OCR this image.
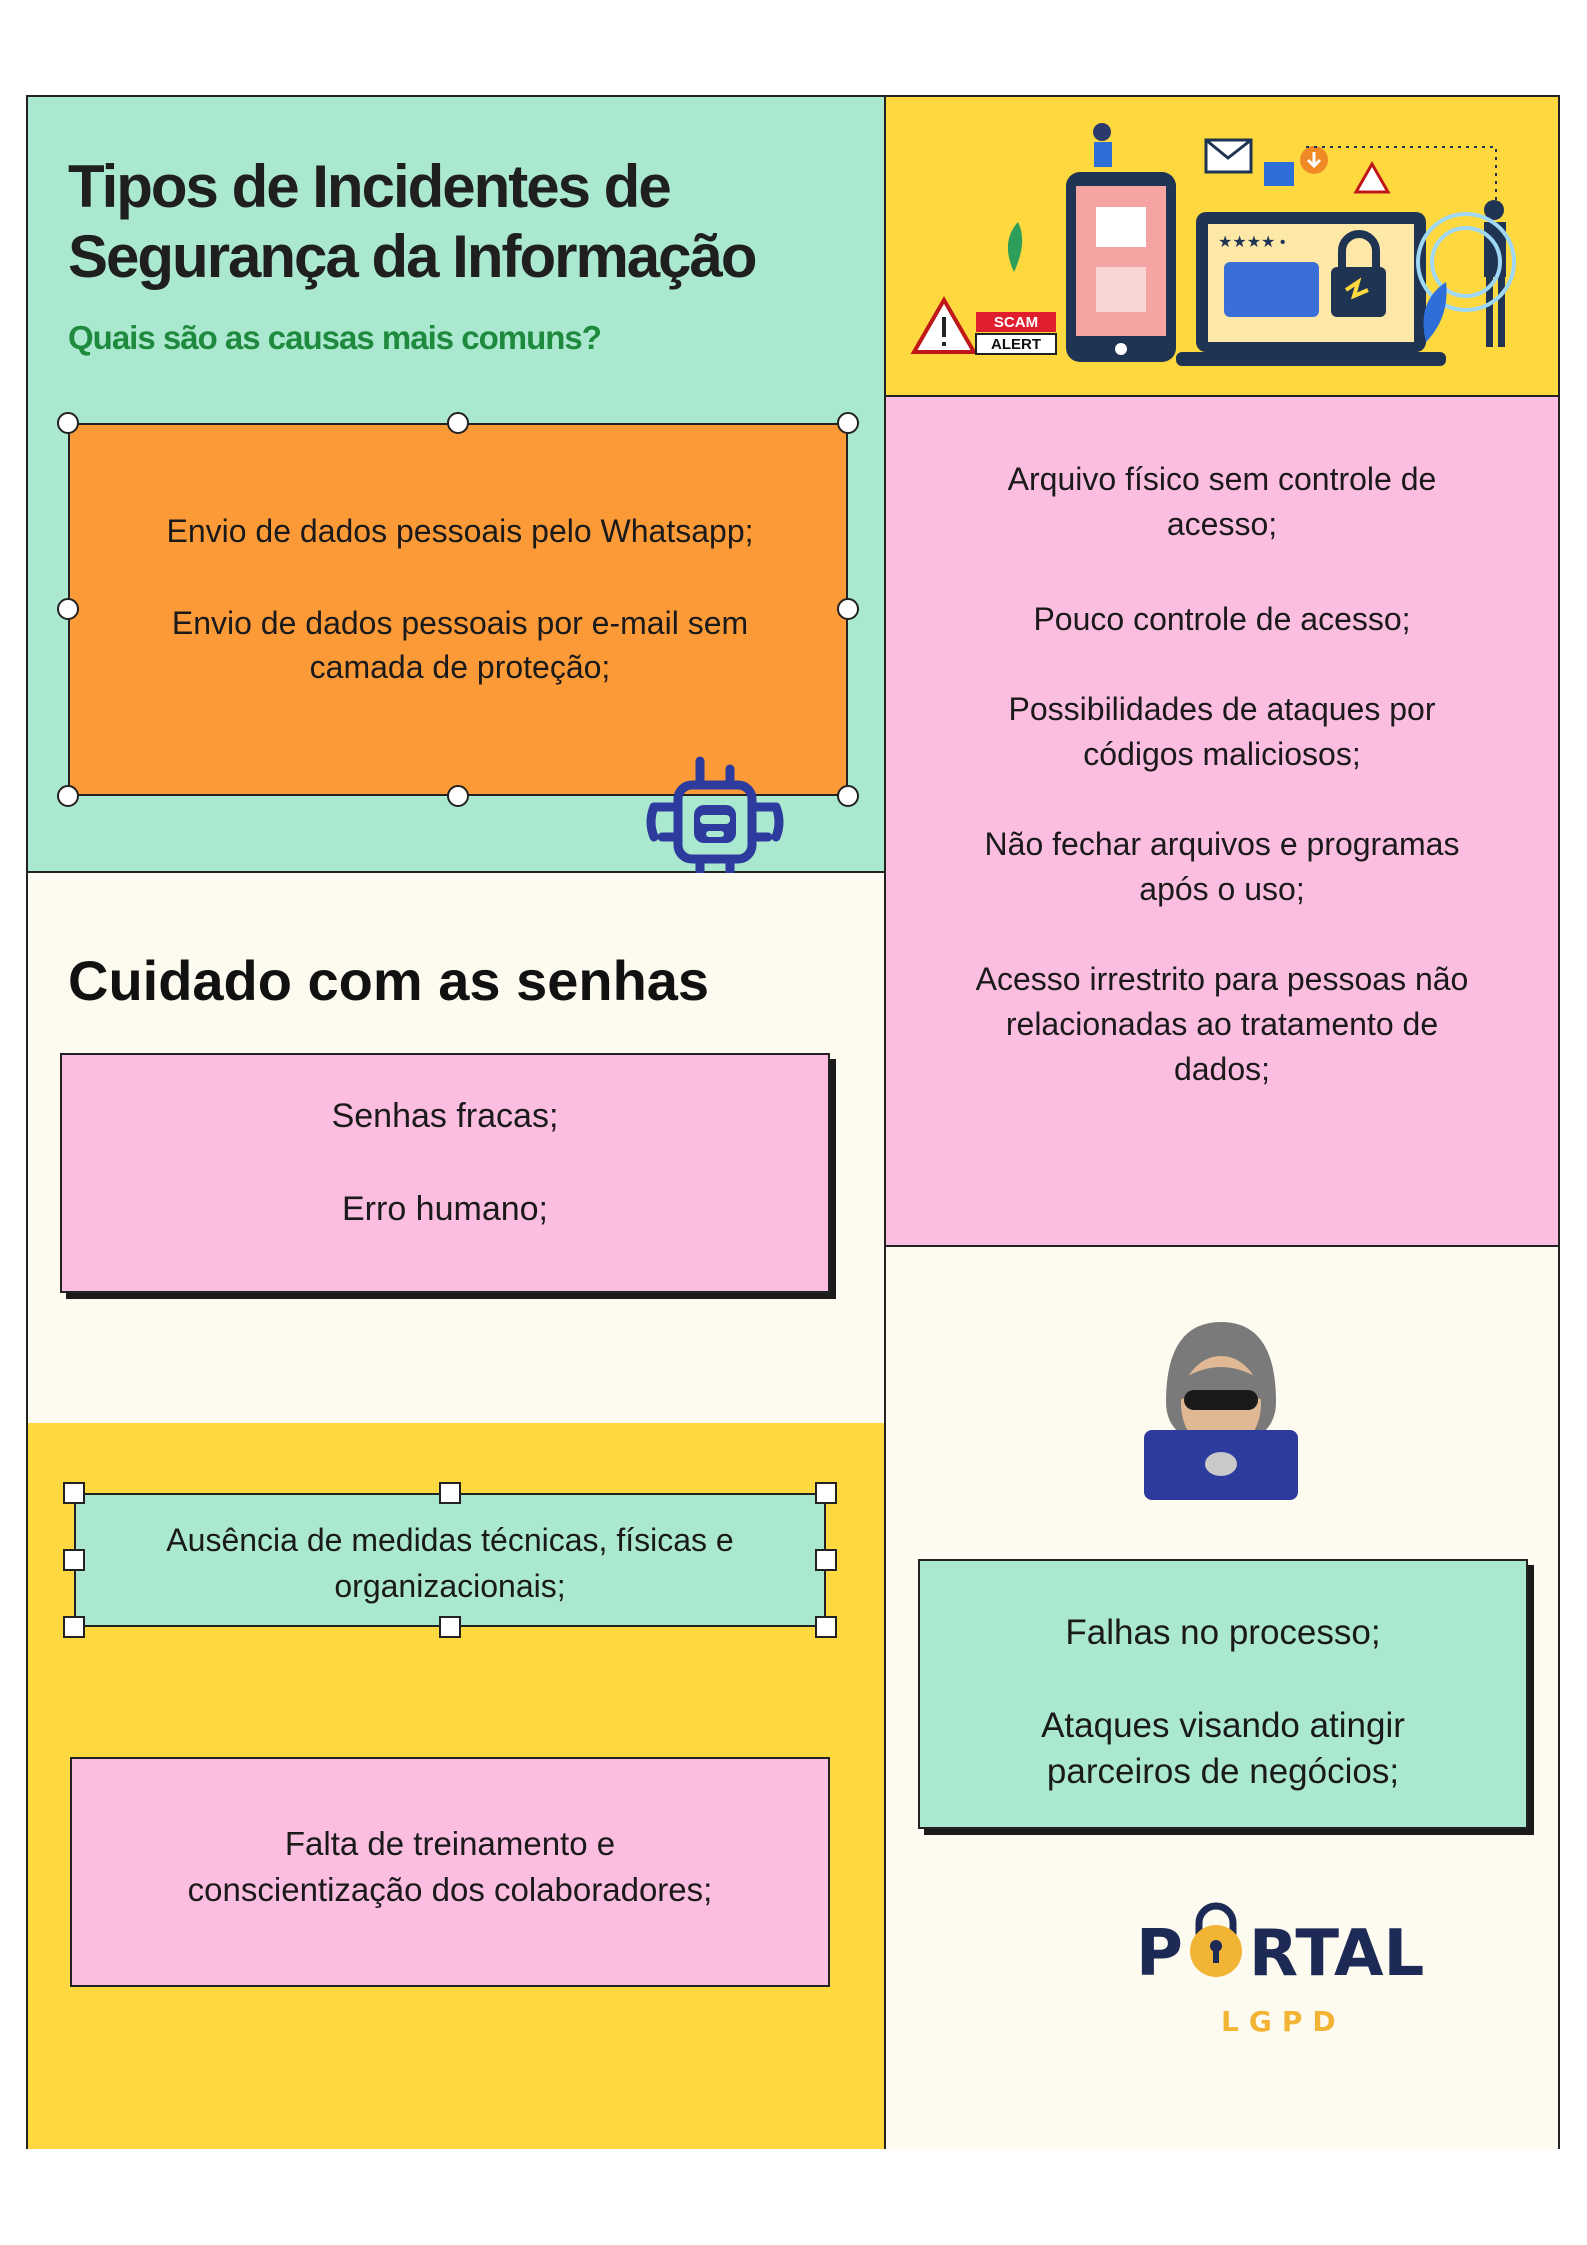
Tipos de Incidentes de
Segurança da Informação
Quais são as causas mais comuns?
Envio de dados pessoais pelo Whatsapp;
Envio de dados pessoais por e-mail sem
camada de proteção;
★★★★ •
SCAM
ALERT
Arquivo físico sem controle de
acesso;
Pouco controle de acesso;
Possibilidades de ataques por
códigos maliciosos;
Não fechar arquivos e programas
após o uso;
Acesso irrestrito para pessoas não
relacionadas ao tratamento de
dados;
Cuidado com as senhas
Senhas fracas;
Erro humano;
Ausência de medidas técnicas, físicas e
organizacionais;
Falta de treinamento e
conscientização dos colaboradores;
Falhas no processo;
Ataques visando atingir
parceiros de negócios;
P RTAL
LGPD
